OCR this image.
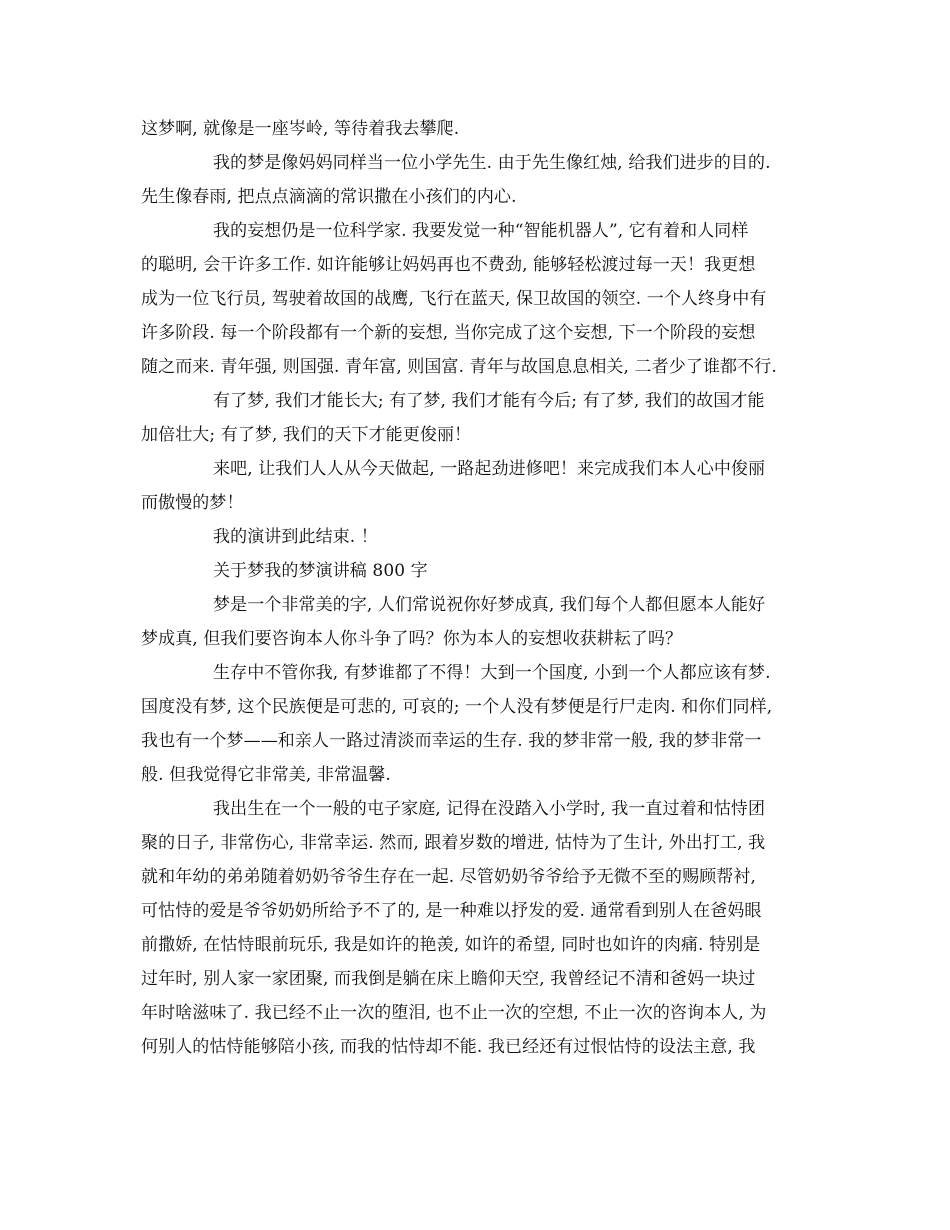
这梦啊, 就像是一座岑岭, 等待着我去攀爬.
我的梦是像妈妈同样当一位小学先生. 由于先生像红烛, 给我们进步的目的.
先生像春雨, 把点点滴滴的常识撒在小孩们的内心.
我的妄想仍是一位科学家. 我要发觉一种“智能机器人”, 它有着和人同样
的聪明, 会干许多工作. 如许能够让妈妈再也不费劲, 能够轻松渡过每一天！我更想
成为一位飞行员, 驾驶着故国的战鹰, 飞行在蓝天, 保卫故国的领空. 一个人终身中有
许多阶段. 每一个阶段都有一个新的妄想, 当你完成了这个妄想, 下一个阶段的妄想
随之而来. 青年强, 则国强. 青年富, 则国富. 青年与故国息息相关, 二者少了谁都不行.
有了梦, 我们才能长大; 有了梦, 我们才能有今后; 有了梦, 我们的故国才能
加倍壮大; 有了梦, 我们的天下才能更俊丽！
来吧, 让我们人人从今天做起, 一路起劲进修吧！来完成我们本人心中俊丽
而傲慢的梦！
我的演讲到此结束. ！
关于梦我的梦演讲稿 800 字
梦是一个非常美的字, 人们常说祝你好梦成真, 我们每个人都但愿本人能好
梦成真, 但我们要咨询本人你斗争了吗？你为本人的妄想收获耕耘了吗？
生存中不管你我, 有梦谁都了不得！大到一个国度, 小到一个人都应该有梦.
国度没有梦, 这个民族便是可悲的, 可哀的; 一个人没有梦便是行尸走肉. 和你们同样,
我也有一个梦——和亲人一路过清淡而幸运的生存. 我的梦非常一般, 我的梦非常一
般. 但我觉得它非常美, 非常温馨.
我出生在一个一般的屯子家庭, 记得在没踏入小学时, 我一直过着和怙恃团
聚的日子, 非常伤心, 非常幸运. 然而, 跟着岁数的增进, 怙恃为了生计, 外出打工, 我
就和年幼的弟弟随着奶奶爷爷生存在一起. 尽管奶奶爷爷给予无微不至的赐顾帮衬,
可怙恃的爱是爷爷奶奶所给予不了的, 是一种难以抒发的爱. 通常看到别人在爸妈眼
前撒娇, 在怙恃眼前玩乐, 我是如许的艳羡, 如许的希望, 同时也如许的肉痛. 特别是
过年时, 别人家一家团聚, 而我倒是躺在床上瞻仰天空, 我曾经记不清和爸妈一块过
年时啥滋味了. 我已经不止一次的堕泪, 也不止一次的空想, 不止一次的咨询本人, 为
何别人的怙恃能够陪小孩, 而我的怙恃却不能. 我已经还有过恨怙恃的设法主意, 我
